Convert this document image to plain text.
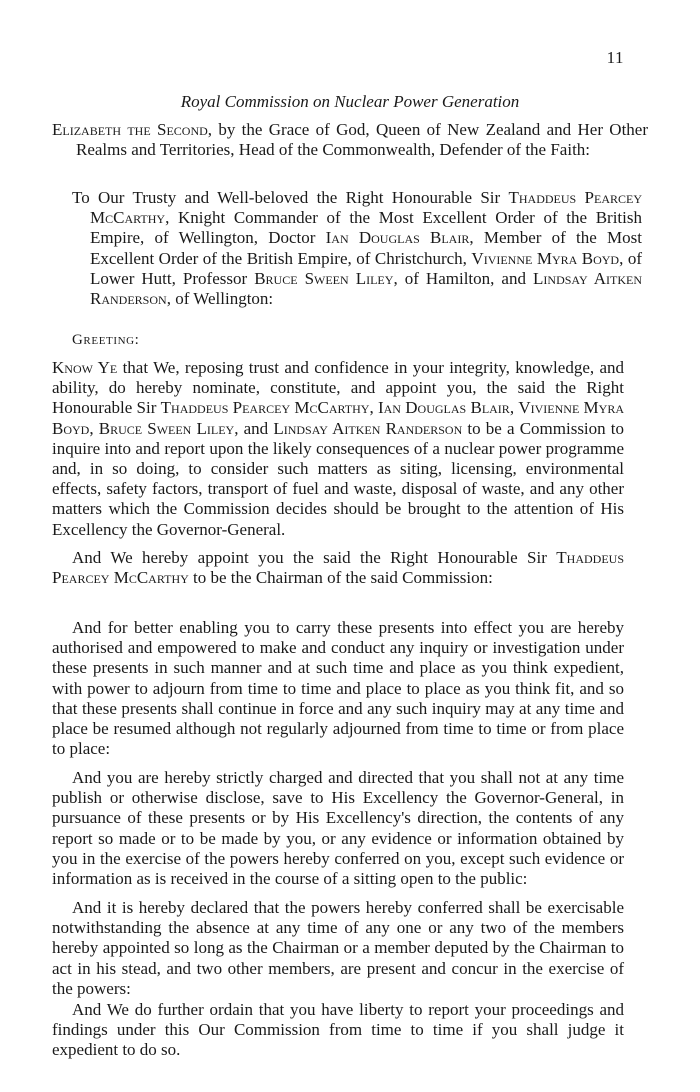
11
Royal Commission on Nuclear Power Generation

Elizabeth the Second, by the Grace of God, Queen of New Zealand and Her Other Realms and Territories, Head of the Commonwealth, Defender of the Faith:

To Our Trusty and Well-beloved the Right Honourable Sir Thaddeus Pearcey McCarthy, Knight Commander of the Most Excellent Order of the British Empire, of Wellington, Doctor Ian Douglas Blair, Member of the Most Excellent Order of the British Empire, of Christchurch, Vivienne Myra Boyd, of Lower Hutt, Professor Bruce Sween Liley, of Hamilton, and Lindsay Aitken Randerson, of Wellington:

Greeting:

Know Ye that We, reposing trust and confidence in your integrity, knowledge, and ability, do hereby nominate, constitute, and appoint you, the said the Right Honourable Sir Thaddeus Pearcey McCarthy, Ian Douglas Blair, Vivienne Myra Boyd, Bruce Sween Liley, and Lindsay Aitken Randerson to be a Commission to inquire into and report upon the likely consequences of a nuclear power programme and, in so doing, to consider such matters as siting, licensing, environmental effects, safety factors, transport of fuel and waste, disposal of waste, and any other matters which the Commission decides should be brought to the attention of His Excellency the Governor-General.

And We hereby appoint you the said the Right Honourable Sir Thaddeus Pearcey McCarthy to be the Chairman of the said Commission:

And for better enabling you to carry these presents into effect you are hereby authorised and empowered to make and conduct any inquiry or investigation under these presents in such manner and at such time and place as you think expedient, with power to adjourn from time to time and place to place as you think fit, and so that these presents shall continue in force and any such inquiry may at any time and place be resumed although not regularly adjourned from time to time or from place to place:

And you are hereby strictly charged and directed that you shall not at any time publish or otherwise disclose, save to His Excellency the Governor-General, in pursuance of these presents or by His Excellency's direction, the contents of any report so made or to be made by you, or any evidence or information obtained by you in the exercise of the powers hereby conferred on you, except such evidence or information as is received in the course of a sitting open to the public:

And it is hereby declared that the powers hereby conferred shall be exercisable notwithstanding the absence at any time of any one or any two of the members hereby appointed so long as the Chairman or a member deputed by the Chairman to act in his stead, and two other members, are present and concur in the exercise of the powers:

And We do further ordain that you have liberty to report your proceedings and findings under this Our Commission from time to time if you shall judge it expedient to do so.
